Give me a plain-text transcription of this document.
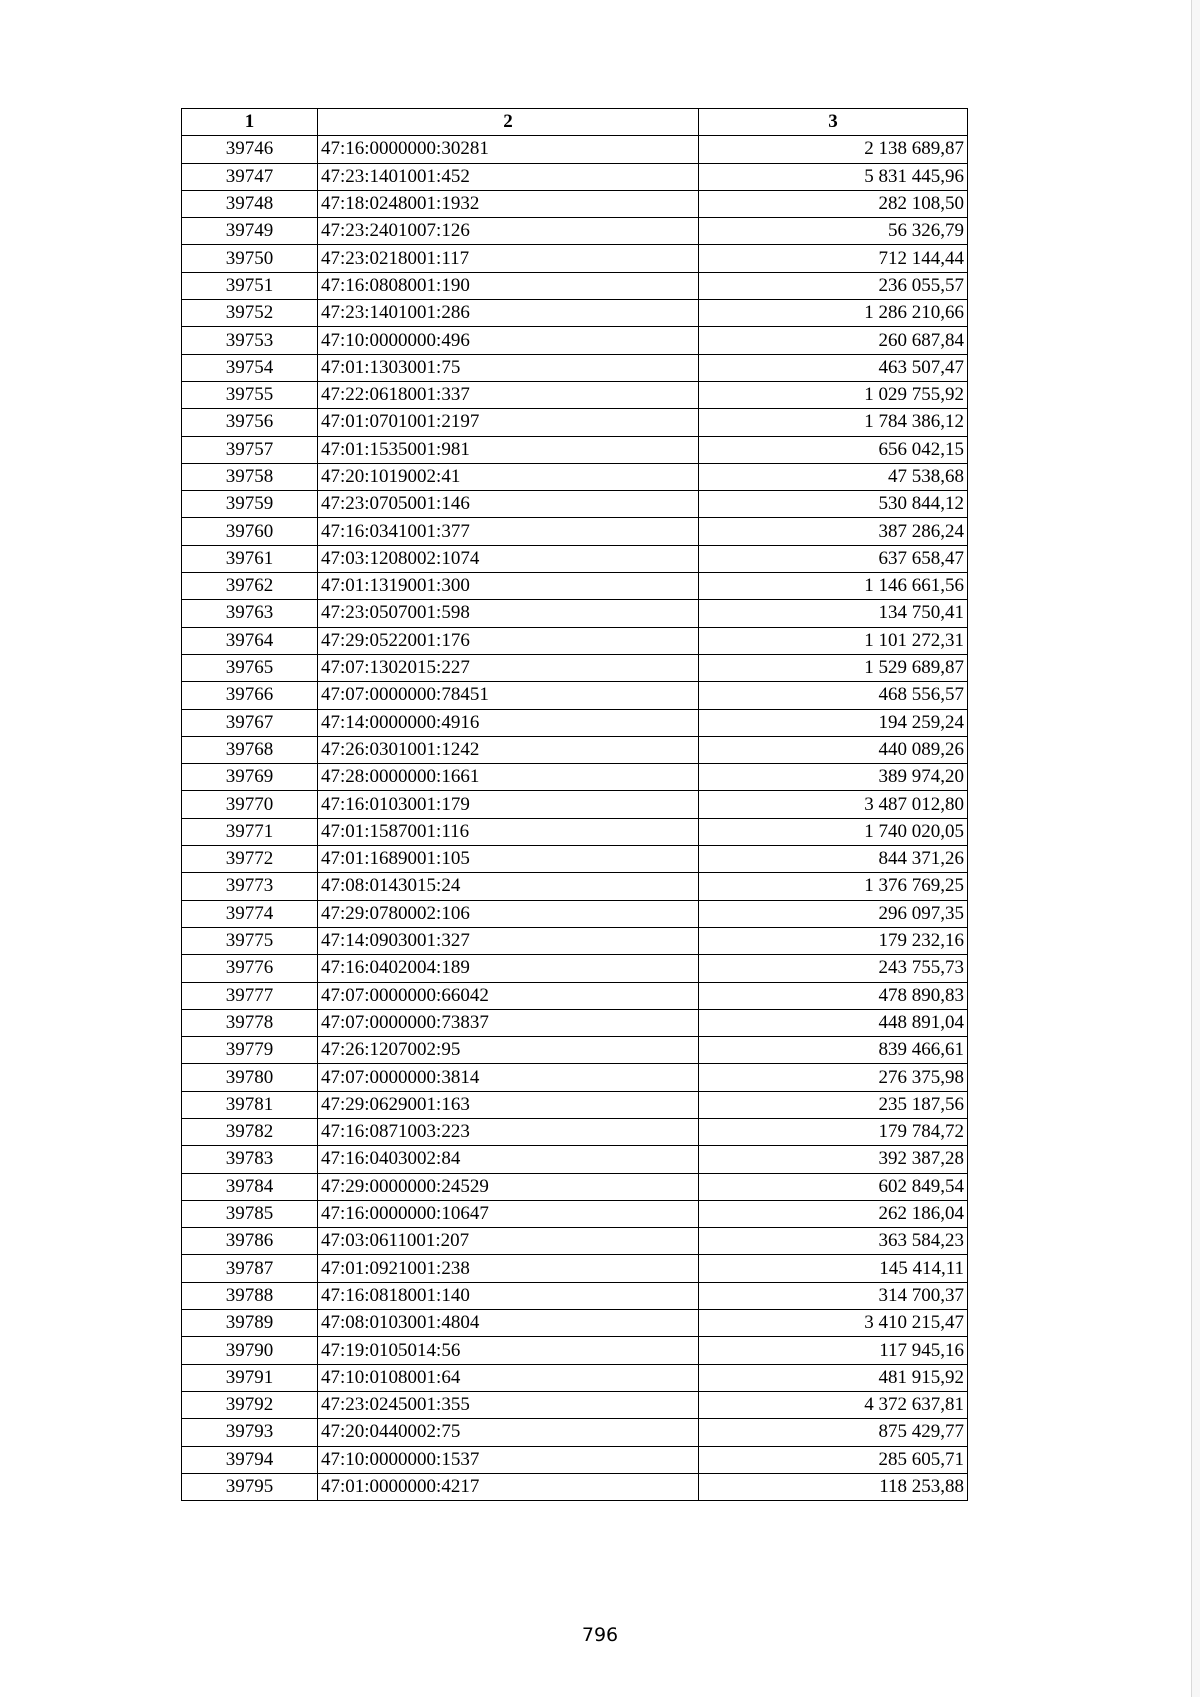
1	2	3
39746	47:16:0000000:30281	2 138 689,87
39747	47:23:1401001:452	5 831 445,96
39748	47:18:0248001:1932	282 108,50
39749	47:23:2401007:126	56 326,79
39750	47:23:0218001:117	712 144,44
39751	47:16:0808001:190	236 055,57
39752	47:23:1401001:286	1 286 210,66
39753	47:10:0000000:496	260 687,84
39754	47:01:1303001:75	463 507,47
39755	47:22:0618001:337	1 029 755,92
39756	47:01:0701001:2197	1 784 386,12
39757	47:01:1535001:981	656 042,15
39758	47:20:1019002:41	47 538,68
39759	47:23:0705001:146	530 844,12
39760	47:16:0341001:377	387 286,24
39761	47:03:1208002:1074	637 658,47
39762	47:01:1319001:300	1 146 661,56
39763	47:23:0507001:598	134 750,41
39764	47:29:0522001:176	1 101 272,31
39765	47:07:1302015:227	1 529 689,87
39766	47:07:0000000:78451	468 556,57
39767	47:14:0000000:4916	194 259,24
39768	47:26:0301001:1242	440 089,26
39769	47:28:0000000:1661	389 974,20
39770	47:16:0103001:179	3 487 012,80
39771	47:01:1587001:116	1 740 020,05
39772	47:01:1689001:105	844 371,26
39773	47:08:0143015:24	1 376 769,25
39774	47:29:0780002:106	296 097,35
39775	47:14:0903001:327	179 232,16
39776	47:16:0402004:189	243 755,73
39777	47:07:0000000:66042	478 890,83
39778	47:07:0000000:73837	448 891,04
39779	47:26:1207002:95	839 466,61
39780	47:07:0000000:3814	276 375,98
39781	47:29:0629001:163	235 187,56
39782	47:16:0871003:223	179 784,72
39783	47:16:0403002:84	392 387,28
39784	47:29:0000000:24529	602 849,54
39785	47:16:0000000:10647	262 186,04
39786	47:03:0611001:207	363 584,23
39787	47:01:0921001:238	145 414,11
39788	47:16:0818001:140	314 700,37
39789	47:08:0103001:4804	3 410 215,47
39790	47:19:0105014:56	117 945,16
39791	47:10:0108001:64	481 915,92
39792	47:23:0245001:355	4 372 637,81
39793	47:20:0440002:75	875 429,77
39794	47:10:0000000:1537	285 605,71
39795	47:01:0000000:4217	118 253,88
796
